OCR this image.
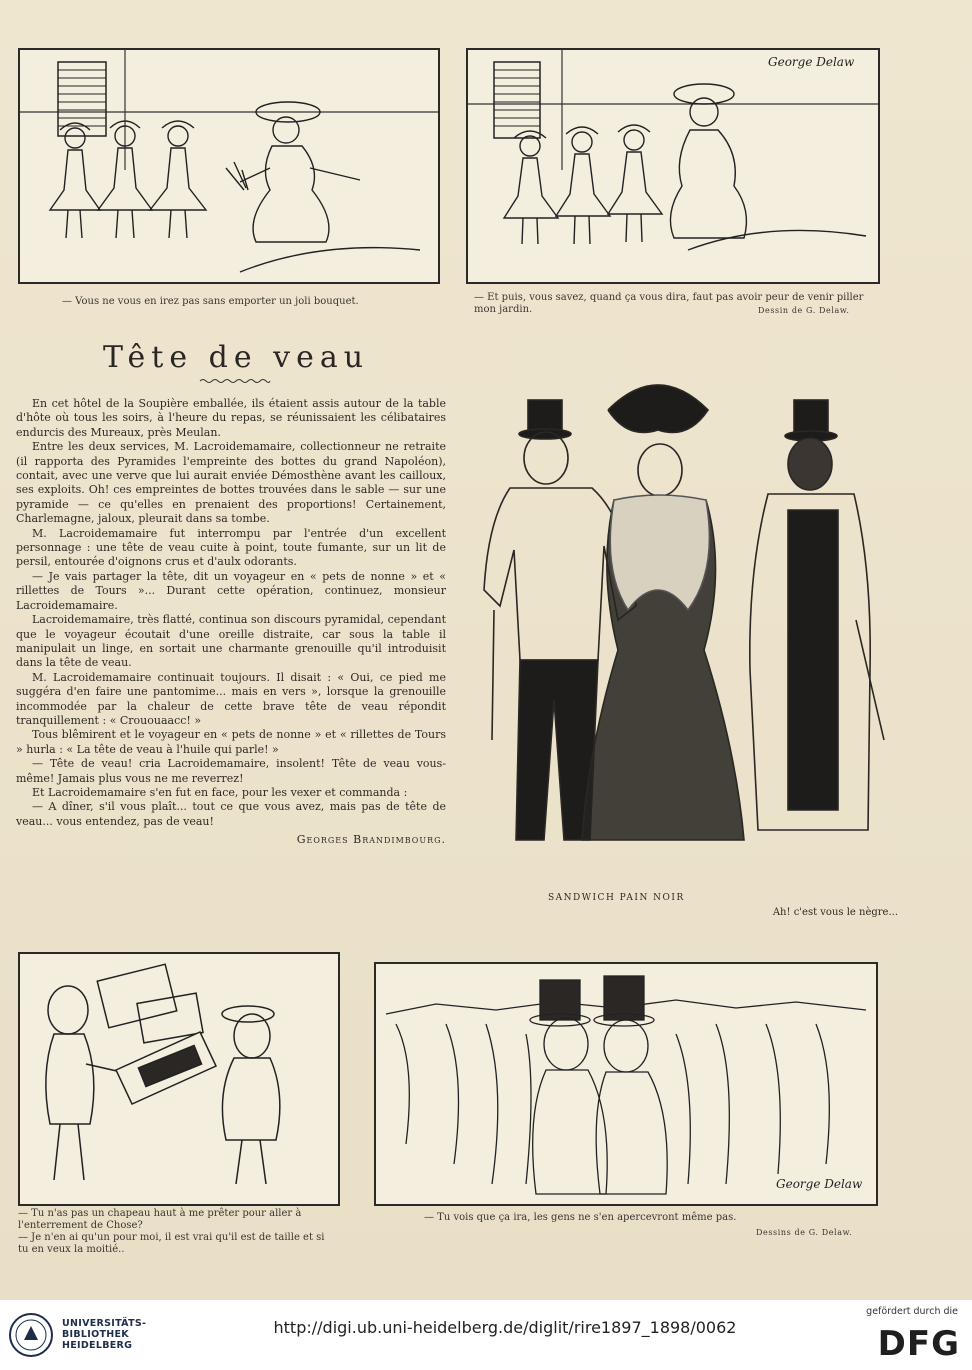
— Vous ne vous en irez pas sans emporter un joli bouquet.
George Delaw
— Et puis, vous savez, quand ça vous dira, faut pas avoir peur de venir piller mon jardin.	Dessin de G. Delaw.
Tête de veau

En cet hôtel de la Soupière emballée, ils étaient assis autour de la table d'hôte où tous les soirs, à l'heure du repas, se réunissaient les célibataires endurcis des Mureaux, près Meulan.

Entre les deux services, M. Lacroidemamaire, collectionneur ne retraite (il rapporta des Pyramides l'empreinte des bottes du grand Napoléon), contait, avec une verve que lui aurait enviée Démosthène avant les cailloux, ses exploits. Oh! ces empreintes de bottes trouvées dans le sable — sur une pyramide — ce qu'elles en prenaient des proportions! Certainement, Charlemagne, jaloux, pleurait dans sa tombe.

M. Lacroidemamaire fut interrompu par l'entrée d'un excellent personnage : une tête de veau cuite à point, toute fumante, sur un lit de persil, entourée d'oignons crus et d'aulx odorants.

— Je vais partager la tête, dit un voyageur en « pets de nonne » et « rillettes de Tours »... Durant cette opération, continuez, monsieur Lacroidemamaire.

Lacroidemamaire, très flatté, continua son discours pyramidal, cependant que le voyageur écoutait d'une oreille distraite, car sous la table il manipulait un linge, en sortait une charmante grenouille qu'il introduisit dans la tête de veau.

M. Lacroidemamaire continuait toujours. Il disait : « Oui, ce pied me suggéra d'en faire une pantomime... mais en vers », lorsque la grenouille incommodée par la chaleur de cette brave tête de veau répondit tranquillement : « Crououaacc! »

Tous blêmirent et le voyageur en « pets de nonne » et « rillettes de Tours » hurla : « La tête de veau à l'huile qui parle! »

— Tête de veau! cria Lacroidemamaire, insolent! Tête de veau vous-même! Jamais plus vous ne me reverrez!

Et Lacroidemamaire s'en fut en face, pour les vexer et commanda :

— A dîner, s'il vous plaît... tout ce que vous avez, mais pas de tête de veau... vous entendez, pas de veau!

Georges Brandimbourg.

SANDWICH PAIN NOIR
Ah! c'est vous le nègre...
— Tu n'as pas un chapeau haut à me prêter pour aller à l'enterrement de Chose?
— Je n'en ai qu'un pour moi, il est vrai qu'il est de taille et si tu en veux la moitié..
George Delaw
— Tu vois que ça ira, les gens ne s'en apercevront même pas.
Dessins de G. Delaw.
UNIVERSITÄTS-
BIBLIOTHEK
HEIDELBERG
http://digi.ub.uni-heidelberg.de/diglit/rire1897_1898/0062
gefördert durch die
DFG
